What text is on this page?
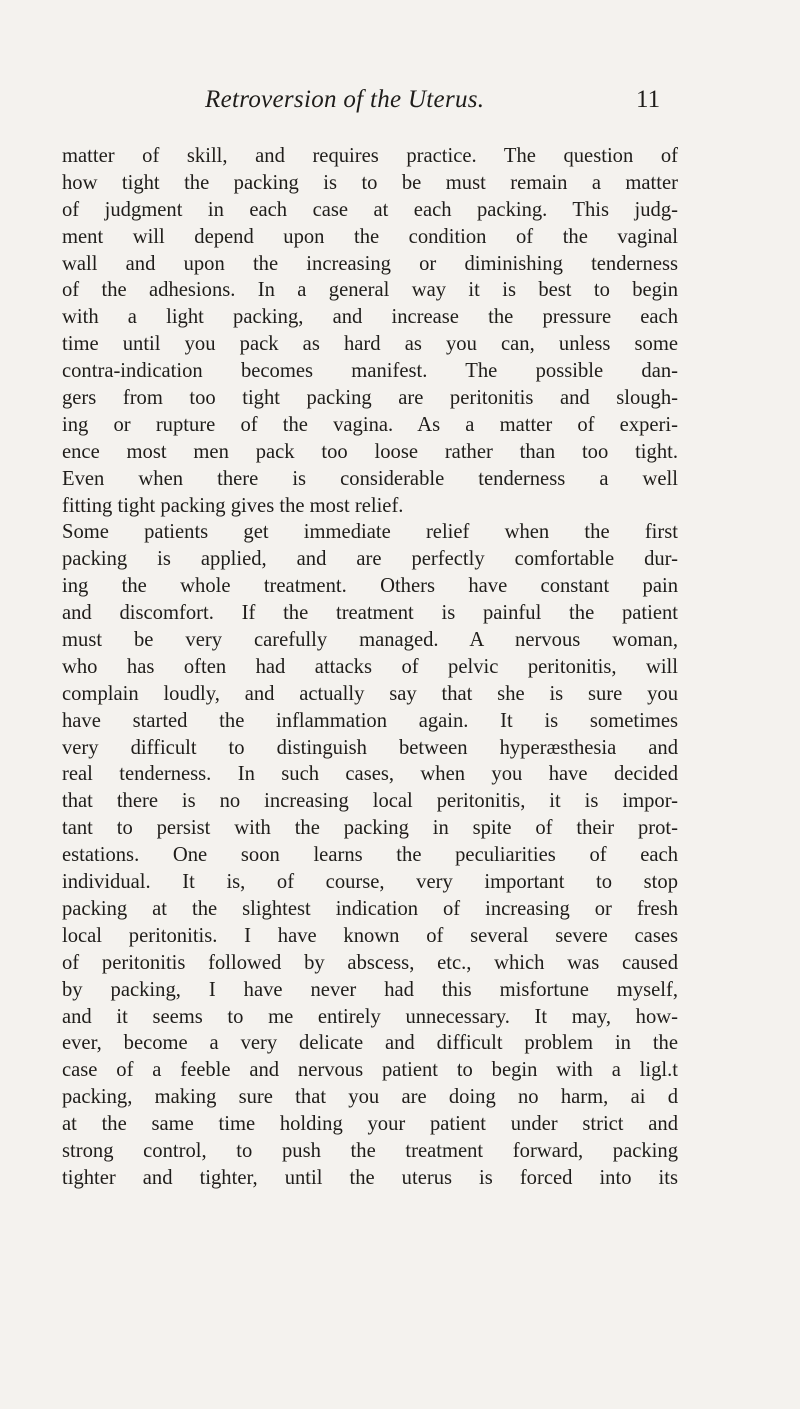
Retroversion of the Uterus.	11
matter of skill, and requires practice. The question of
how tight the packing is to be must remain a matter
of judgment in each case at each packing. This judg-
ment will depend upon the condition of the vaginal
wall and upon the increasing or diminishing tenderness
of the adhesions. In a general way it is best to begin
with a light packing, and increase the pressure each
time until you pack as hard as you can, unless some
contra-indication becomes manifest. The possible dan-
gers from too tight packing are peritonitis and slough-
ing or rupture of the vagina. As a matter of experi-
ence most men pack too loose rather than too tight.
Even when there is considerable tenderness a well
fitting tight packing gives the most relief.
Some patients get immediate relief when the first
packing is applied, and are perfectly comfortable dur-
ing the whole treatment. Others have constant pain
and discomfort. If the treatment is painful the patient
must be very carefully managed. A nervous woman,
who has often had attacks of pelvic peritonitis, will
complain loudly, and actually say that she is sure you
have started the inflammation again. It is sometimes
very difficult to distinguish between hyperæsthesia and
real tenderness. In such cases, when you have decided
that there is no increasing local peritonitis, it is impor-
tant to persist with the packing in spite of their prot-
estations. One soon learns the peculiarities of each
individual. It is, of course, very important to stop
packing at the slightest indication of increasing or fresh
local peritonitis. I have known of several severe cases
of peritonitis followed by abscess, etc., which was caused
by packing, I have never had this misfortune myself,
and it seems to me entirely unnecessary. It may, how-
ever, become a very delicate and difficult problem in the
case of a feeble and nervous patient to begin with a ligl.t
packing, making sure that you are doing no harm, ai d
at the same time holding your patient under strict and
strong control, to push the treatment forward, packing
tighter and tighter, until the uterus is forced into its
